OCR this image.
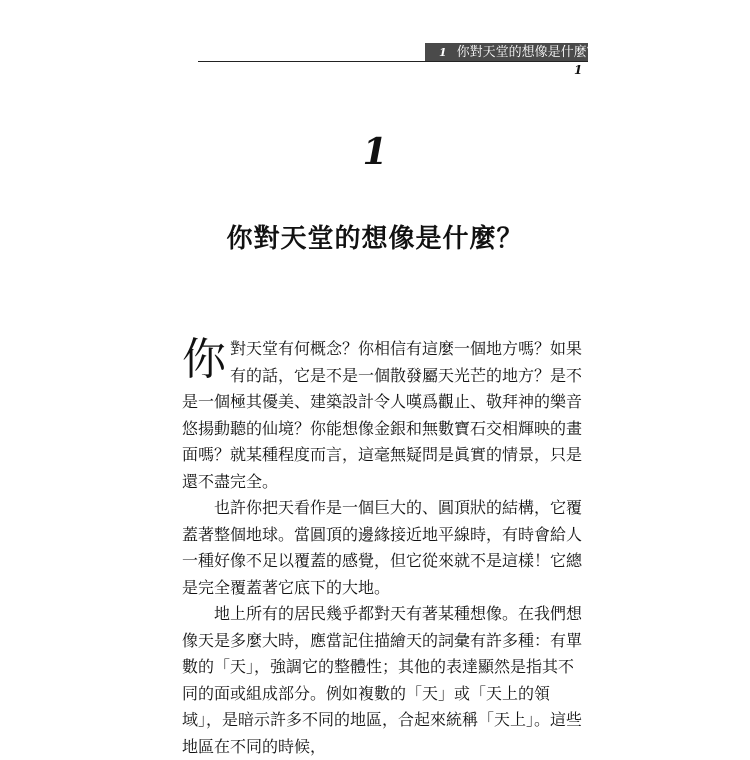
1 你對天堂的想像是什麼？
1
1
你對天堂的想像是什麼？

你對天堂有何概念？你相信有這麼一個地方嗎？如果有的話，它是不是一個散發屬天光芒的地方？是不是一個極其優美、建築設計令人嘆爲觀止、敬拜神的樂音悠揚動聽的仙境？你能想像金銀和無數寶石交相輝映的畫面嗎？就某種程度而言，這毫無疑問是眞實的情景，只是還不盡完全。

也許你把天看作是一個巨大的、圓頂狀的結構，它覆蓋著整個地球。當圓頂的邊緣接近地平線時，有時會給人一種好像不足以覆蓋的感覺，但它從來就不是這樣！它總是完全覆蓋著它底下的大地。

地上所有的居民幾乎都對天有著某種想像。在我們想像天是多麼大時，應當記住描繪天的詞彙有許多種：有單數的「天」，強調它的整體性；其他的表達顯然是指其不同的面或組成部分。例如複數的「天」或「天上的領域」，是暗示許多不同的地區，合起來統稱「天上」。這些地區在不同的時候，
